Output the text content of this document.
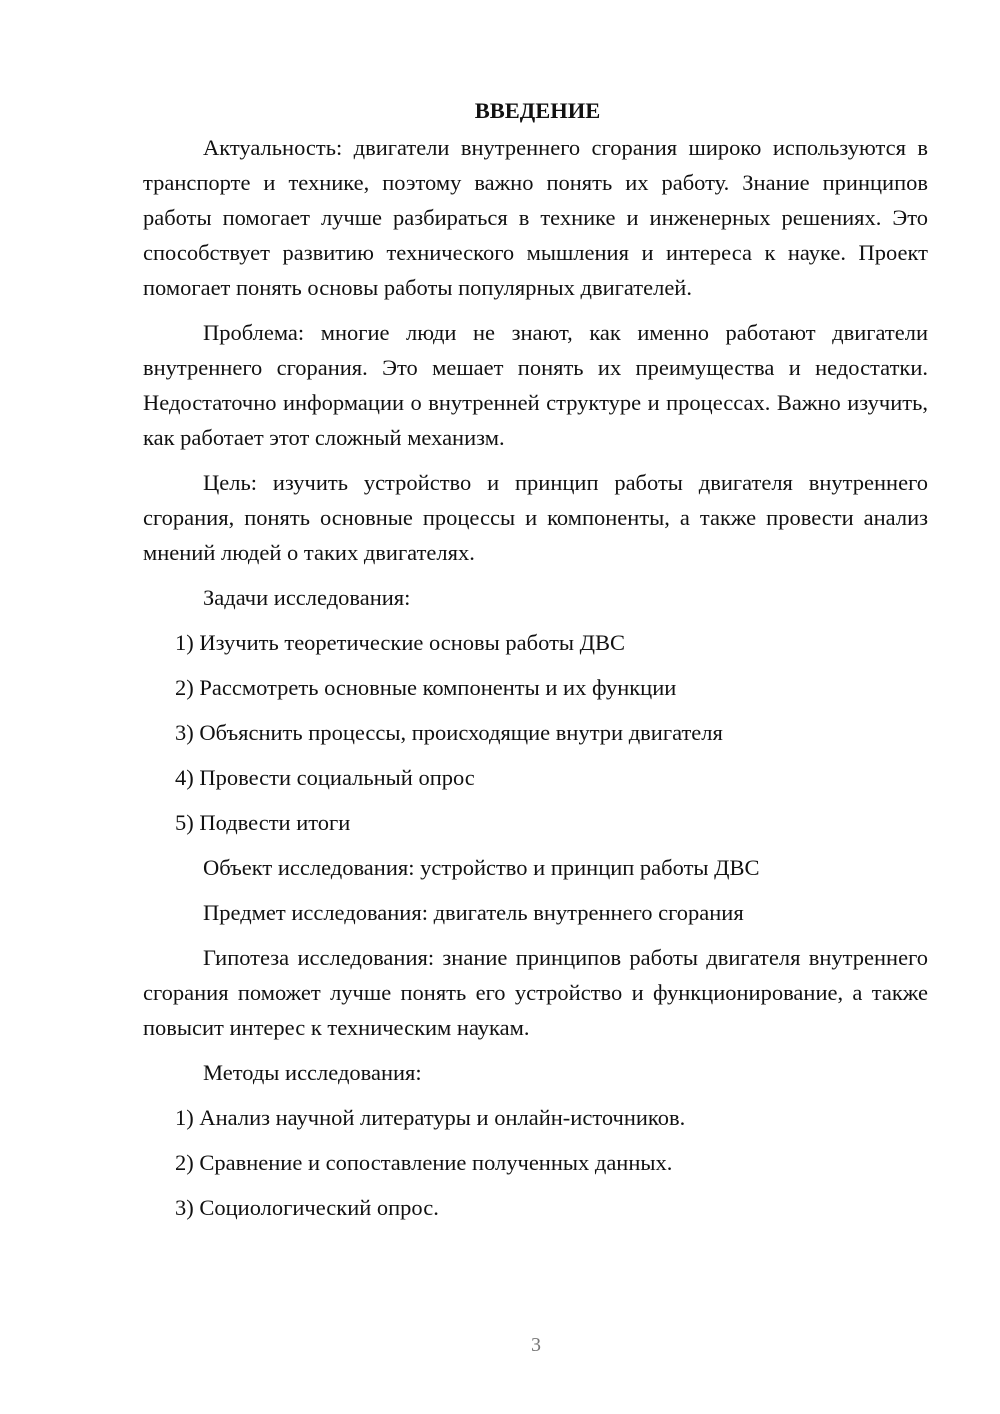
ВВЕДЕНИЕ

Актуальность: двигатели внутреннего сгорания широко используются в транспорте и технике, поэтому важно понять их работу. Знание принципов работы помогает лучше разбираться в технике и инженерных решениях. Это способствует развитию технического мышления и интереса к науке. Проект помогает понять основы работы популярных двигателей.

Проблема: многие люди не знают, как именно работают двигатели внутреннего сгорания. Это мешает понять их преимущества и недостатки. Недостаточно информации о внутренней структуре и процессах. Важно изучить, как работает этот сложный механизм.

Цель: изучить устройство и принцип работы двигателя внутреннего сгорания, понять основные процессы и компоненты, а также провести анализ мнений людей о таких двигателях.

Задачи исследования:
1) Изучить теоретические основы работы ДВС
2) Рассмотреть основные компоненты и их функции
3) Объяснить процессы, происходящие внутри двигателя
4) Провести социальный опрос
5) Подвести итоги
Объект исследования: устройство и принцип работы ДВС
Предмет исследования: двигатель внутреннего сгорания

Гипотеза исследования: знание принципов работы двигателя внутреннего сгорания поможет лучше понять его устройство и функционирование, а также повысит интерес к техническим наукам.

Методы исследования:
1) Анализ научной литературы и онлайн-источников.
2) Сравнение и сопоставление полученных данных.
3) Социологический опрос.
3
